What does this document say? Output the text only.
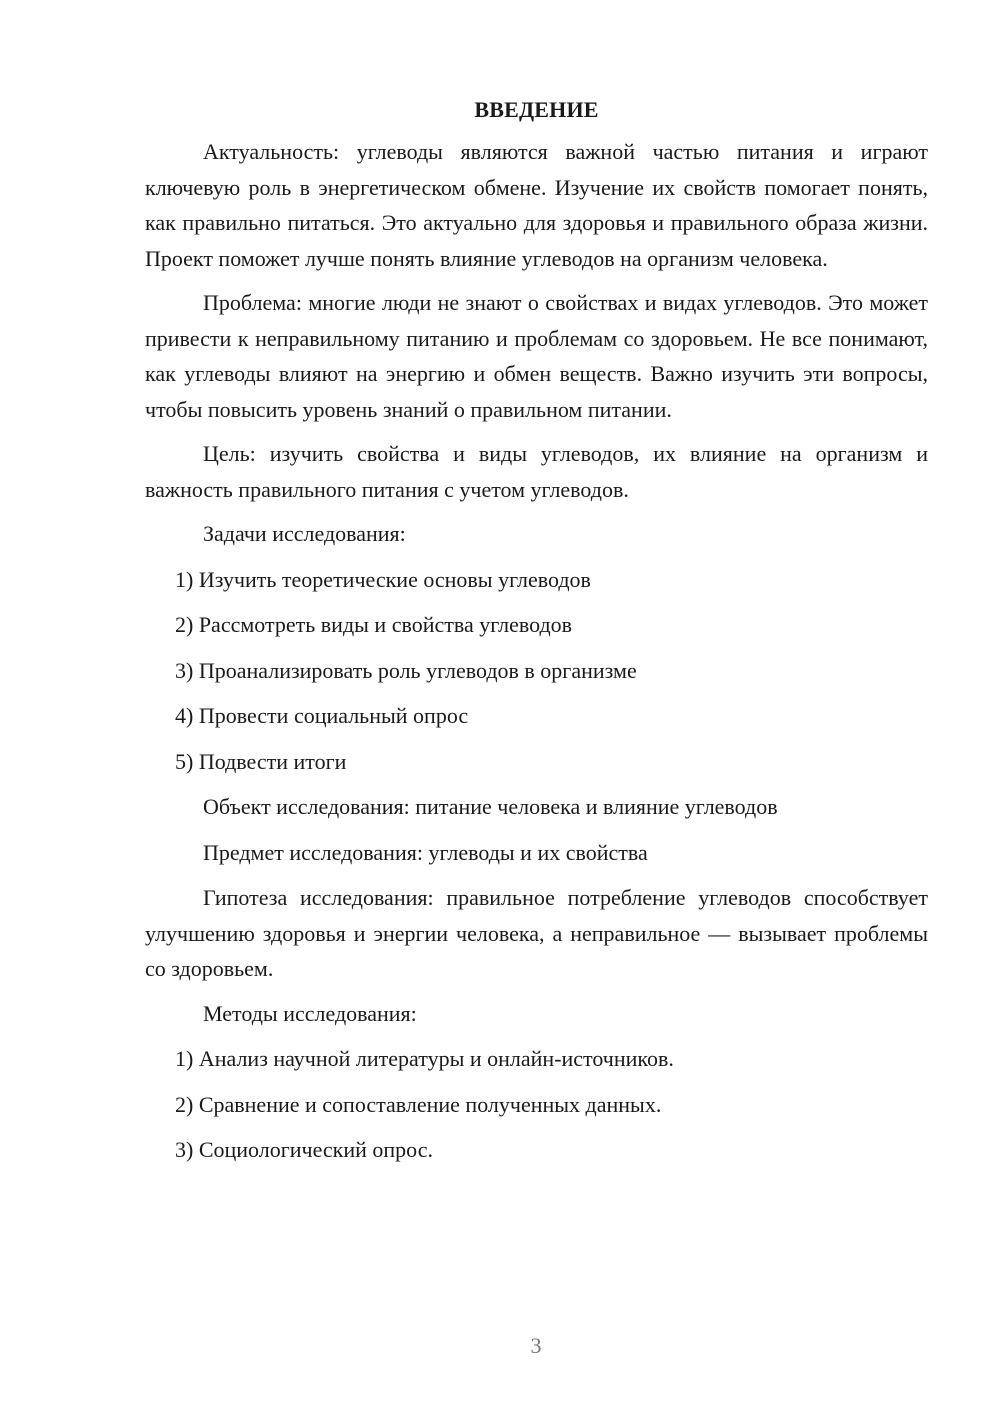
ВВЕДЕНИЕ

Актуальность: углеводы являются важной частью питания и играют ключевую роль в энергетическом обмене. Изучение их свойств помогает понять, как правильно питаться. Это актуально для здоровья и правильного образа жизни. Проект поможет лучше понять влияние углеводов на организм человека.

Проблема: многие люди не знают о свойствах и видах углеводов. Это может привести к неправильному питанию и проблемам со здоровьем. Не все понимают, как углеводы влияют на энергию и обмен веществ. Важно изучить эти вопросы, чтобы повысить уровень знаний о правильном питании.

Цель: изучить свойства и виды углеводов, их влияние на организм и важность правильного питания с учетом углеводов.

Задачи исследования:
1) Изучить теоретические основы углеводов
2) Рассмотреть виды и свойства углеводов
3) Проанализировать роль углеводов в организме
4) Провести социальный опрос
5) Подвести итоги
Объект исследования: питание человека и влияние углеводов
Предмет исследования: углеводы и их свойства

Гипотеза исследования: правильное потребление углеводов способствует улучшению здоровья и энергии человека, а неправильное — вызывает проблемы со здоровьем.

Методы исследования:
1) Анализ научной литературы и онлайн-источников.
2) Сравнение и сопоставление полученных данных.
3) Социологический опрос.
3
